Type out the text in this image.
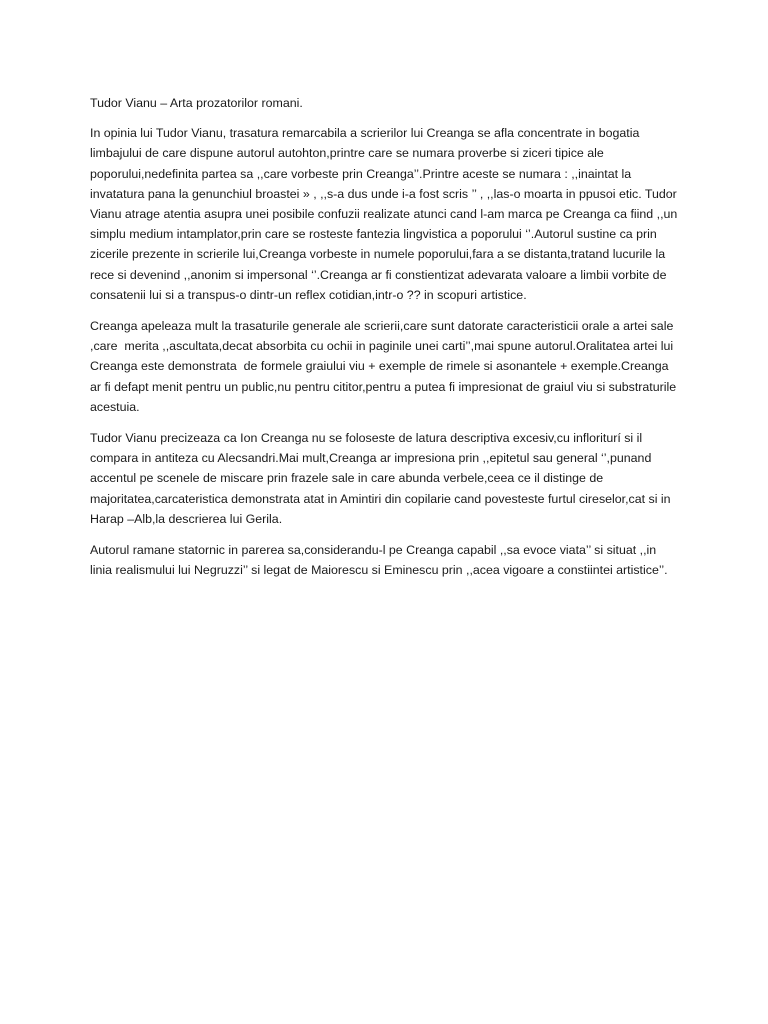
Tudor Vianu – Arta prozatorilor romani.

In opinia lui Tudor Vianu, trasatura remarcabila a scrierilor lui Creanga se afla concentrate in bogatia limbajului de care dispune autorul autohton,printre care se numara proverbe si ziceri tipice ale poporului,nedefinita partea sa ,,care vorbeste prin Creanga’’.Printre aceste se numara : ,,inaintat la invatatura pana la genunchiul broastei » , ,,s-a dus unde i-a fost scris ’’ , ,,las-o moarta in ppusoi etic. Tudor Vianu atrage atentia asupra unei posibile confuzii realizate atunci cand l-am marca pe Creanga ca fiind ,,un simplu medium intamplator,prin care se rosteste fantezia lingvistica a poporului ‘’.Autorul sustine ca prin zicerile prezente in scrierile lui,Creanga vorbeste in numele poporului,fara a se distanta,tratand lucurile la rece si devenind ,,anonim si impersonal ‘’.Creanga ar fi constientizat adevarata valoare a limbii vorbite de consatenii lui si a transpus-o dintr-un reflex cotidian,intr-o ?? in scopuri artistice.

Creanga apeleaza mult la trasaturile generale ale scrierii,care sunt datorate caracteristicii orale a artei sale ,care  merita ,,ascultata,decat absorbita cu ochii in paginile unei carti’’,mai spune autorul.Oralitatea artei lui Creanga este demonstrata  de formele graiului viu + exemple de rimele si asonantele + exemple.Creanga ar fi defapt menit pentru un public,nu pentru cititor,pentru a putea fi impresionat de graiul viu si substraturile acestuia.

Tudor Vianu precizeaza ca Ion Creanga nu se foloseste de latura descriptiva excesiv,cu infloriturí si il compara in antiteza cu Alecsandri.Mai mult,Creanga ar impresiona prin ,,epitetul sau general ‘’,punand accentul pe scenele de miscare prin frazele sale in care abunda verbele,ceea ce il distinge de majoritatea,carcateristica demonstrata atat in Amintiri din copilarie cand povesteste furtul cireselor,cat si in Harap –Alb,la descrierea lui Gerila.

Autorul ramane statornic in parerea sa,considerandu-l pe Creanga capabil ,,sa evoce viata’’ si situat ,,in linia realismului lui Negruzzi’’ si legat de Maiorescu si Eminescu prin ,,acea vigoare a constiintei artistice’’.
